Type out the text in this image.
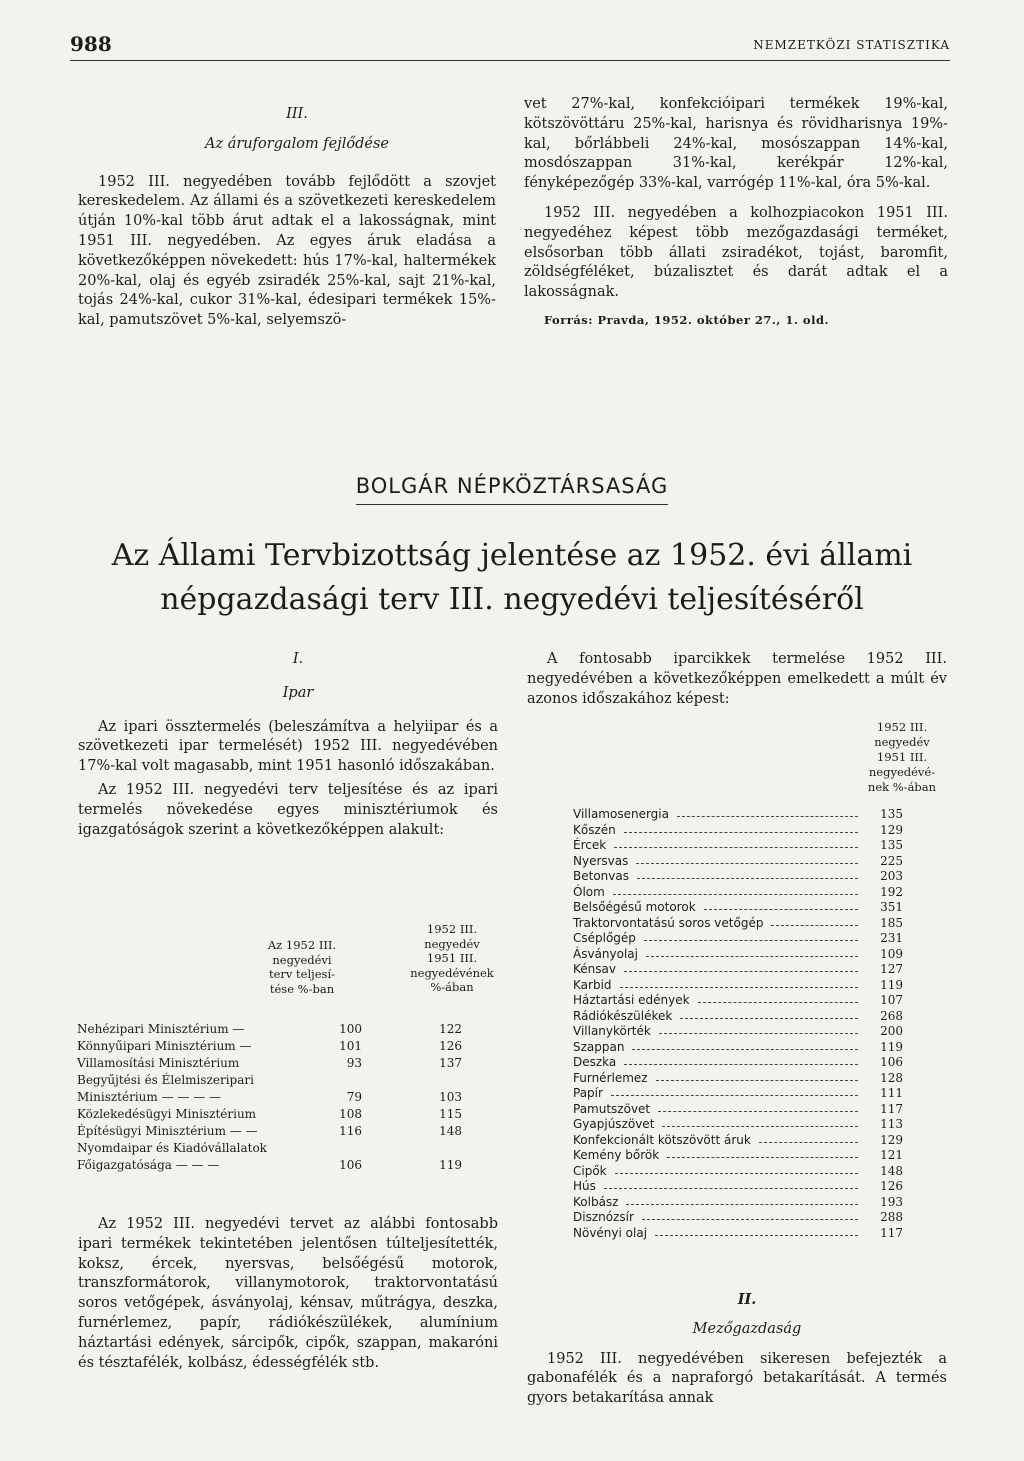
988	NEMZETKÖZI STATISZTIKA

III.

Az áruforgalom fejlődése

1952 III. negyedében tovább fejlődött a szovjet kereskedelem. Az állami és a szövetkezeti kereskedelem útján 10%-kal több árut adtak el a lakosságnak, mint 1951 III. negyedében. Az egyes áruk eladása a következőképpen növekedett: hús 17%-kal, haltermékek 20%-kal, olaj és egyéb zsiradék 25%-kal, sajt 21%-kal, tojás 24%-kal, cukor 31%-kal, édesipari termékek 15%-kal, pamutszövet 5%-kal, selyemszö-

vet 27%-kal, konfekcióipari termékek 19%-kal, kötszövöttáru 25%-kal, harisnya és rövidharisnya 19%-kal, bőrlábbeli 24%-kal, mosószappan 14%-kal, mosdószappan 31%-kal, kerékpár 12%-kal, fényképezőgép 33%-kal, varrógép 11%-kal, óra 5%-kal.

1952 III. negyedében a kolhozpiacokon 1951 III. negyedéhez képest több mezőgazdasági terméket, elsősorban több állati zsiradékot, tojást, baromfit, zöldségféléket, búzalisztet és darát adtak el a lakosságnak.

Forrás: Pravda, 1952. október 27., 1. old.
BOLGÁR NÉPKÖZTÁRSASÁG
Az Állami Tervbizottság jelentése az 1952. évi állami
népgazdasági terv III. negyedévi teljesítéséről

I.

Ipar

Az ipari össztermelés (beleszámítva a helyiipar és a szövetkezeti ipar termelését) 1952 III. negyedévében 17%-kal volt magasabb, mint 1951 hasonló időszakában.

Az 1952 III. negyedévi terv teljesítése és az ipari termelés növekedése egyes minisztériumok és igazgatóságok szerint a következőképpen alakult:

Az 1952 III.
negyedévi
terv teljesí-
tése %-ban
1952 III.
negyedév
1951 III.
negyedévének
%-ában
Nehézipari Minisztérium —	100	122
Könnyűipari Minisztérium —	101	126
Villamosítási Minisztérium	93	137
Begyűjtési és Élelmiszeripari
Minisztérium — — — —	79	103
Közlekedésügyi Minisztérium	108	115
Építésügyi Minisztérium — —	116	148
Nyomdaipar és Kiadóvállalatok
Főigazgatósága — — —	106	119

Az 1952 III. negyedévi tervet az alábbi fontosabb ipari termékek tekintetében jelentősen túlteljesítették, koksz, ércek, nyersvas, belsőégésű motorok, transzformátorok, villanymotorok, traktorvontatású soros vetőgépek, ásványolaj, kénsav, műtrágya, deszka, furnérlemez, papír, rádiókészülékek, alumínium háztartási edények, sárcipők, cipők, szappan, makaróni és tésztafélék, kolbász, édességfélék stb.

A fontosabb iparcikkek termelése 1952 III. negyedévében a következőképpen emelkedett a múlt év azonos időszakához képest:

1952 III.
negyedév
1951 III.
negyedévé-
nek %-ában
Villamosenergia	135
Kőszén	129
Ércek	135
Nyersvas	225
Betonvas	203
Ólom	192
Belsőégésű motorok	351
Traktorvontatású soros vetőgép	185
Cséplőgép	231
Ásványolaj	109
Kénsav	127
Karbid	119
Háztartási edények	107
Rádiókészülékek	268
Villanykörték	200
Szappan	119
Deszka	106
Furnérlemez	128
Papír	111
Pamutszövet	117
Gyapjúszövet	113
Konfekcionált kötszövött áruk	129
Kemény bőrök	121
Cipők	148
Hús	126
Kolbász	193
Disznózsír	288
Növényi olaj	117

II.

Mezőgazdaság

1952 III. negyedévében sikeresen befejezték a gabonafélék és a napraforgó betakarítását. A termés gyors betakarítása annak
